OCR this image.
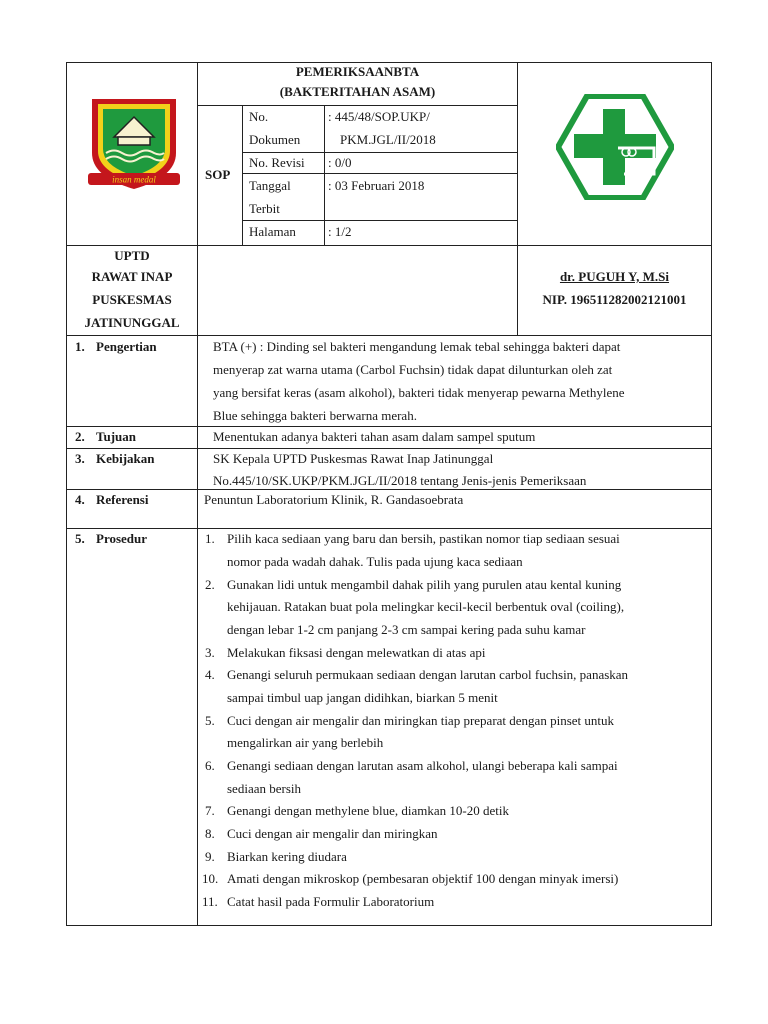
insan medal
PEMERIKSAANBTA
(BAKTERITAHAN ASAM)
SOP
No.
Dokumen
: 445/48/SOP.UKP/
PKM.JGL/II/2018
No. Revisi : 0/0
Tanggal
Terbit
: 03 Februari 2018
Halaman : 1/2
UPTD
RAWAT INAP
PUSKESMAS
JATINUNGGAL
dr. PUGUH Y, M.Si
NIP. 196511282002121001
1. Pengertian	BTA (+) : Dinding sel bakteri mengandung lemak tebal sehingga bakteri dapat
menyerap zat warna utama (Carbol Fuchsin) tidak dapat dilunturkan oleh zat
yang bersifat keras (asam alkohol), bakteri tidak menyerap pewarna Methylene
Blue sehingga bakteri berwarna merah.
2. Tujuan	Menentukan adanya bakteri tahan asam dalam sampel sputum
3. Kebijakan	SK Kepala UPTD Puskesmas Rawat Inap Jatinunggal
No.445/10/SK.UKP/PKM.JGL/II/2018 tentang Jenis-jenis Pemeriksaan
4. Referensi	Penuntun Laboratorium Klinik, R. Gandasoebrata
5. Prosedur	1. Pilih kaca sediaan yang baru dan bersih, pastikan nomor tiap sediaan sesuai
nomor pada wadah dahak. Tulis pada ujung kaca sediaan
2. Gunakan lidi untuk mengambil dahak pilih yang purulen atau kental kuning
kehijauan. Ratakan buat pola melingkar kecil-kecil berbentuk oval (coiling),
dengan lebar 1-2 cm panjang 2-3 cm sampai kering pada suhu kamar
3. Melakukan fiksasi dengan melewatkan di atas api
4. Genangi seluruh permukaan sediaan dengan larutan carbol fuchsin, panaskan
sampai timbul uap jangan didihkan, biarkan 5 menit
5. Cuci dengan air mengalir dan miringkan tiap preparat dengan pinset untuk
mengalirkan air yang berlebih
6. Genangi sediaan dengan larutan asam alkohol, ulangi beberapa kali sampai
sediaan bersih
7. Genangi dengan methylene blue, diamkan 10-20 detik
8. Cuci dengan air mengalir dan miringkan
9. Biarkan kering diudara
10. Amati dengan mikroskop (pembesaran objektif 100 dengan minyak imersi)
11. Catat hasil pada Formulir Laboratorium
